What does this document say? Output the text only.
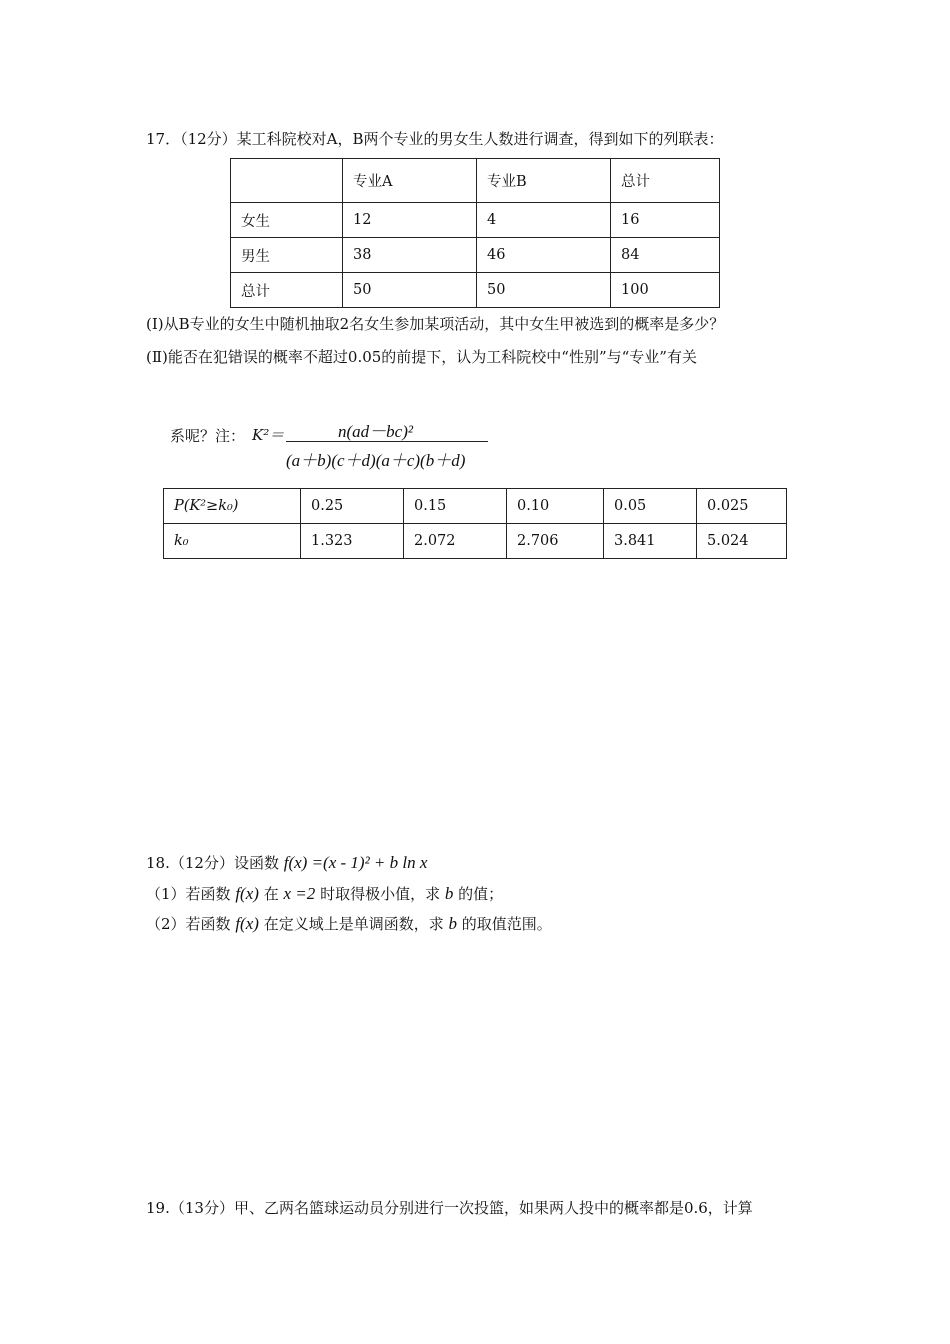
17．（12分）某工科院校对A，B两个专业的男女生人数进行调查，得到如下的列联表：
	专业A	专业B	总计
女生	12	4	16
男生	38	46	84
总计	50	50	100
(Ⅰ)从B专业的女生中随机抽取2名女生参加某项活动，其中女生甲被选到的概率是多少？
(Ⅱ)能否在犯错误的概率不超过0.05的前提下，认为工科院校中“性别”与“专业”有关
系呢？注： K²＝	n(ad－bc)²
(a＋b)(c＋d)(a＋c)(b＋d)
P(K²≥k₀)	0.25	0.15	0.10	0.05	0.025
k₀	1.323	2.072	2.706	3.841	5.024
18.（12分）设函数 f(x) =(x - 1)² + b ln x
（1）若函数 f(x) 在 x =2 时取得极小值，求 b 的值；
（2）若函数 f(x) 在定义域上是单调函数，求 b 的取值范围。
19.（13分）甲、乙两名篮球运动员分别进行一次投篮，如果两人投中的概率都是0.6，计算
